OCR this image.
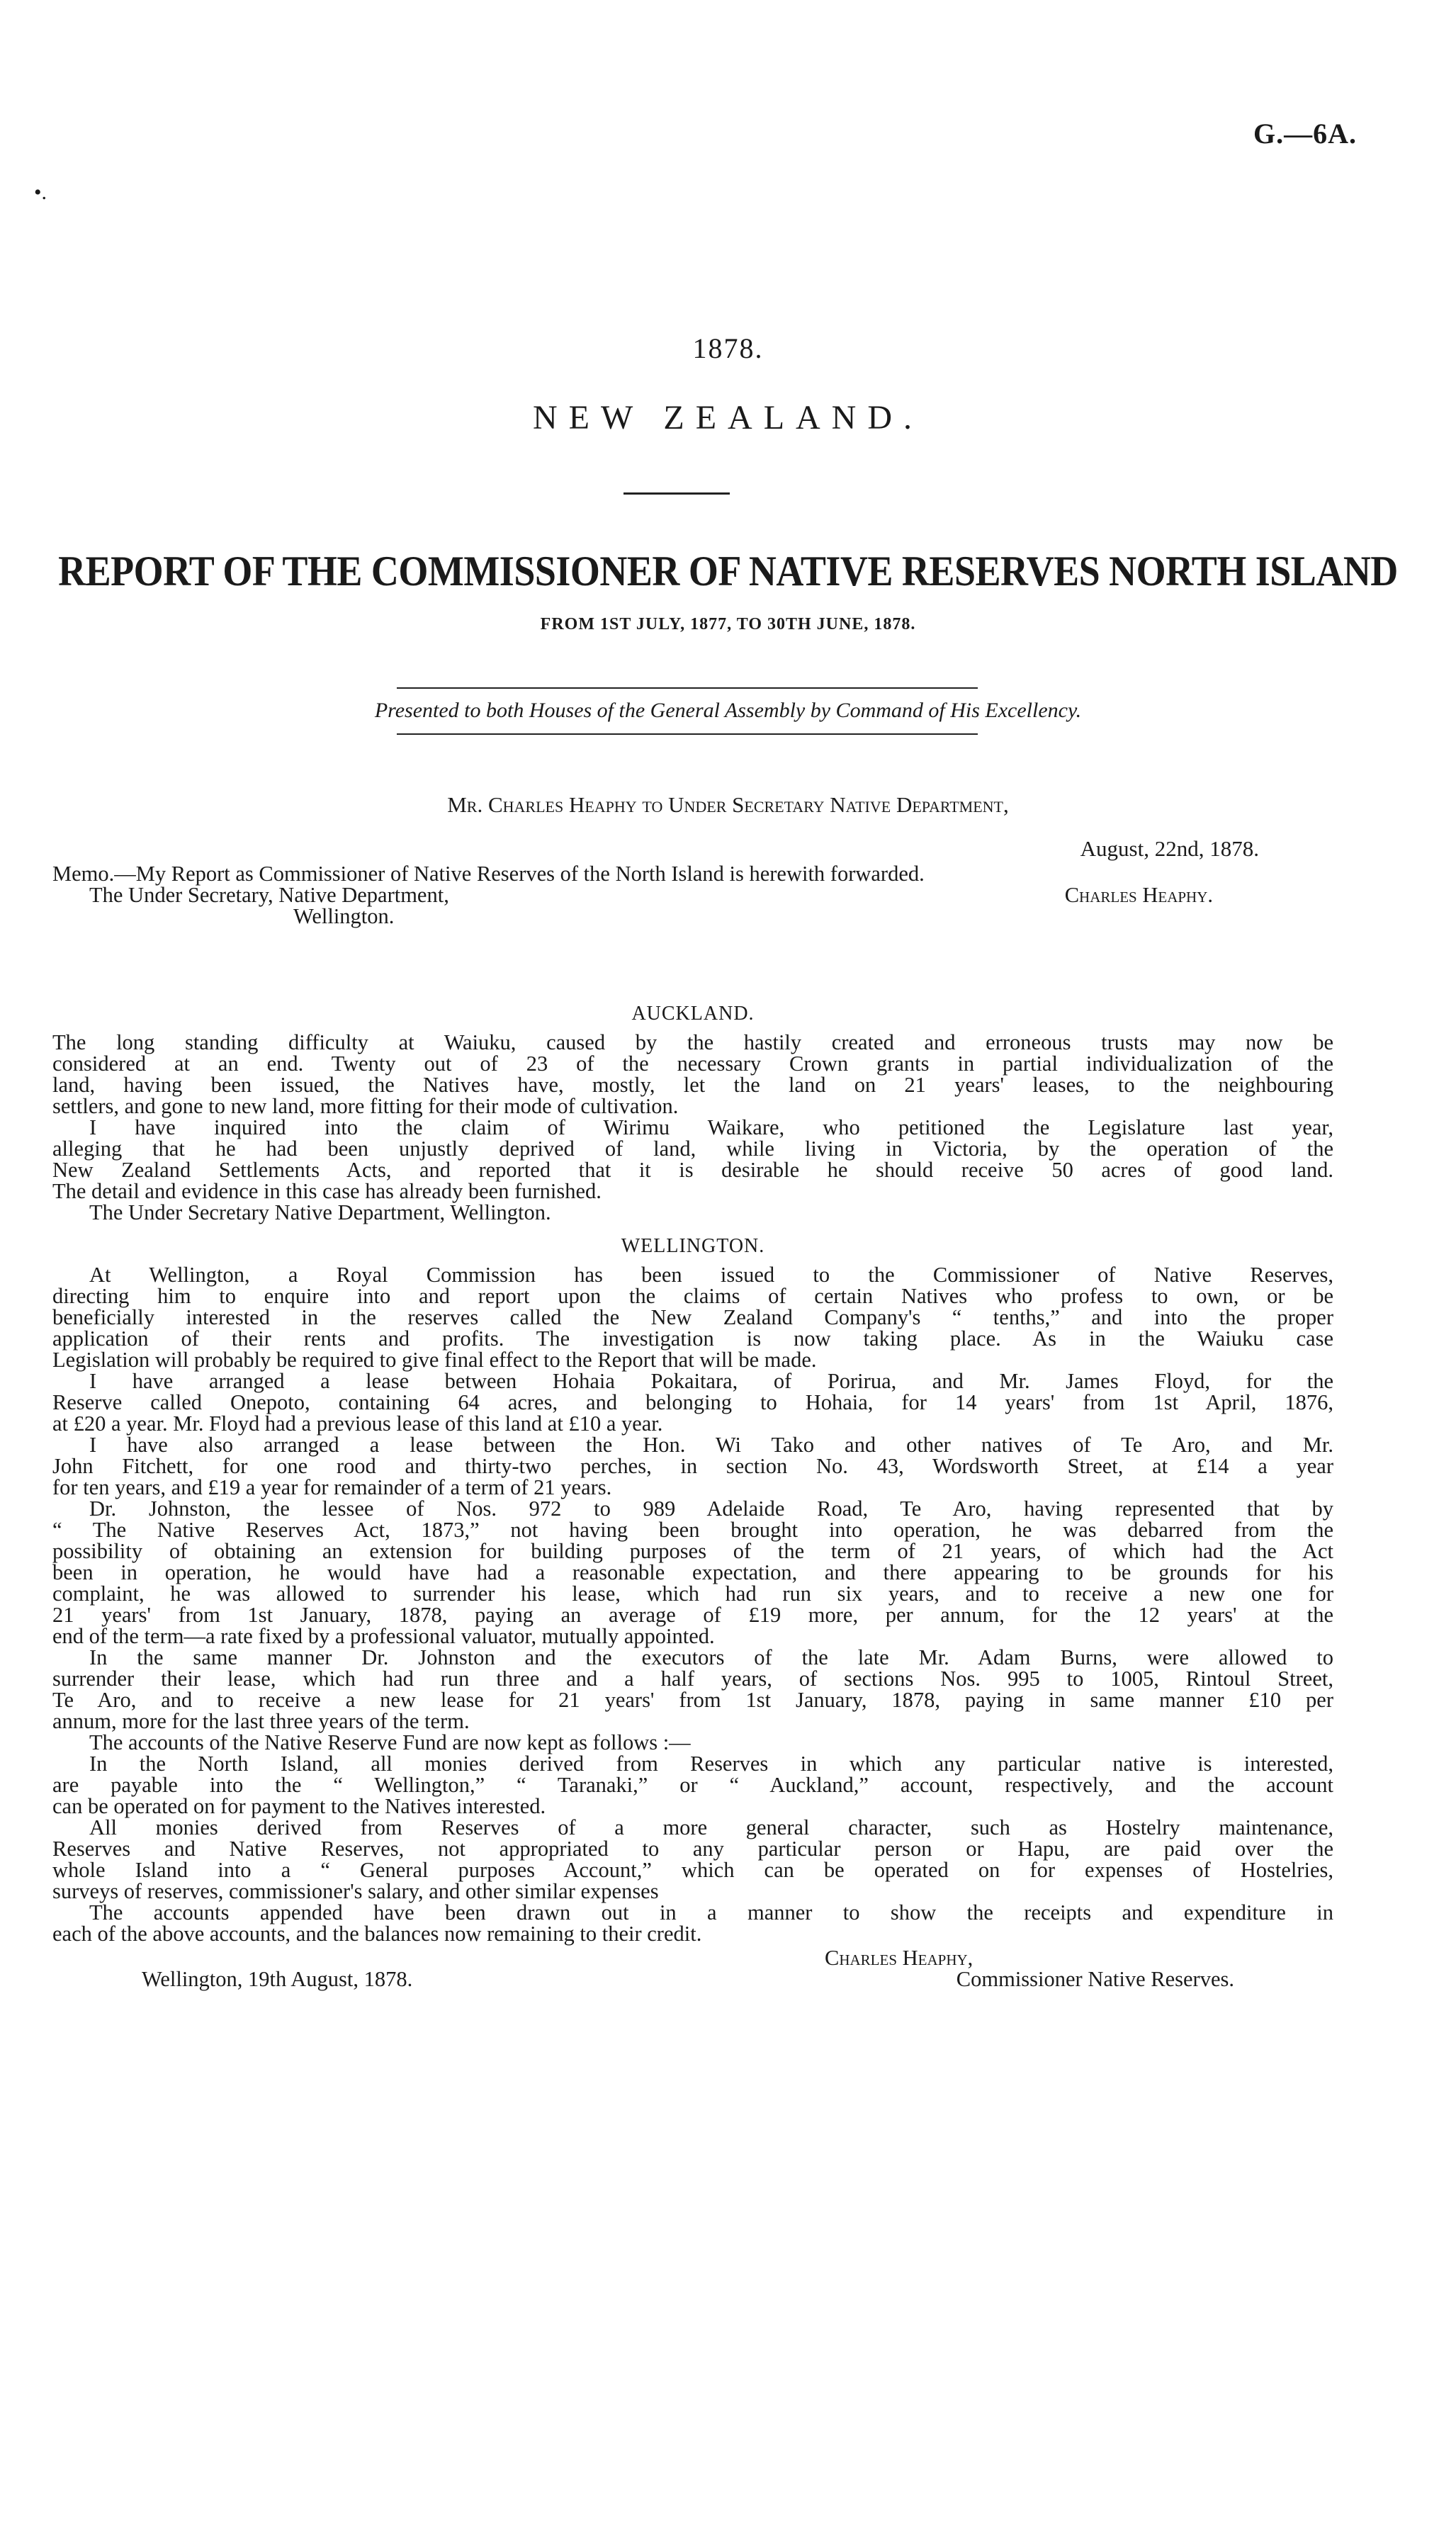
G.—6A.
•.
1878.
NEW ZEALAND.
REPORT OF THE COMMISSIONER OF NATIVE RESERVES NORTH ISLAND
FROM 1ST JULY, 1877, TO 30TH JUNE, 1878.
Presented to both Houses of the General Assembly by Command of His Excellency.
Mr. Charles Heaphy to Under Secretary Native Department,
August, 22nd, 1878.
Memo.—My Report as Commissioner of Native Reserves of the North Island is herewith forwarded.
The Under Secretary, Native Department,	Charles Heaphy.
Wellington.
AUCKLAND.
The long standing difficulty at Waiuku, caused by the hastily created and erroneous trusts may now be
considered at an end. Twenty out of 23 of the necessary Crown grants in partial individualization of the
land, having been issued, the Natives have, mostly, let the land on 21 years' leases, to the neighbouring
settlers, and gone to new land, more fitting for their mode of cultivation.
I have inquired into the claim of Wirimu Waikare, who petitioned the Legislature last year,
alleging that he had been unjustly deprived of land, while living in Victoria, by the operation of the
New Zealand Settlements Acts, and reported that it is desirable he should receive 50 acres of good land.
The detail and evidence in this case has already been furnished.
The Under Secretary Native Department, Wellington.
WELLINGTON.
At Wellington, a Royal Commission has been issued to the Commissioner of Native Reserves,
directing him to enquire into and report upon the claims of certain Natives who profess to own, or be
beneficially interested in the reserves called the New Zealand Company's “ tenths,” and into the proper
application of their rents and profits. The investigation is now taking place. As in the Waiuku case
Legislation will probably be required to give final effect to the Report that will be made.
I have arranged a lease between Hohaia Pokaitara, of Porirua, and Mr. James Floyd, for the
Reserve called Onepoto, containing 64 acres, and belonging to Hohaia, for 14 years' from 1st April, 1876,
at £20 a year. Mr. Floyd had a previous lease of this land at £10 a year.
I have also arranged a lease between the Hon. Wi Tako and other natives of Te Aro, and Mr.
John Fitchett, for one rood and thirty-two perches, in section No. 43, Wordsworth Street, at £14 a year
for ten years, and £19 a year for remainder of a term of 21 years.
Dr. Johnston, the lessee of Nos. 972 to 989 Adelaide Road, Te Aro, having represented that by
“ The Native Reserves Act, 1873,” not having been brought into operation, he was debarred from the
possibility of obtaining an extension for building purposes of the term of 21 years, of which had the Act
been in operation, he would have had a reasonable expectation, and there appearing to be grounds for his
complaint, he was allowed to surrender his lease, which had run six years, and to receive a new one for
21 years' from 1st January, 1878, paying an average of £19 more, per annum, for the 12 years' at the
end of the term—a rate fixed by a professional valuator, mutually appointed.
In the same manner Dr. Johnston and the executors of the late Mr. Adam Burns, were allowed to
surrender their lease, which had run three and a half years, of sections Nos. 995 to 1005, Rintoul Street,
Te Aro, and to receive a new lease for 21 years' from 1st January, 1878, paying in same manner £10 per
annum, more for the last three years of the term.
The accounts of the Native Reserve Fund are now kept as follows :—
In the North Island, all monies derived from Reserves in which any particular native is interested,
are payable into the “ Wellington,” “ Taranaki,” or “ Auckland,” account, respectively, and the account
can be operated on for payment to the Natives interested.
All monies derived from Reserves of a more general character, such as Hostelry maintenance,
Reserves and Native Reserves, not appropriated to any particular person or Hapu, are paid over the
whole Island into a “ General purposes Account,” which can be operated on for expenses of Hostelries,
surveys of reserves, commissioner's salary, and other similar expenses
The accounts appended have been drawn out in a manner to show the receipts and expenditure in
each of the above accounts, and the balances now remaining to their credit.
Charles Heaphy,
Wellington, 19th August, 1878.	Commissioner Native Reserves.
